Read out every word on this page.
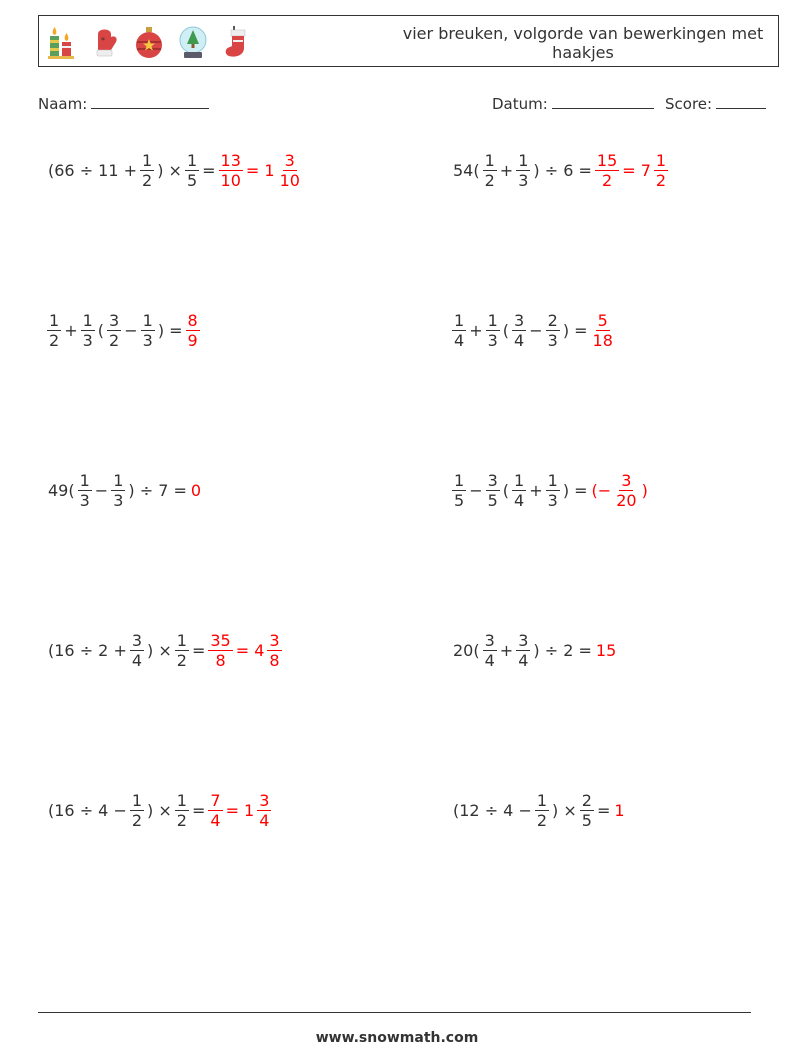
*	vier breuken, volgorde van bewerkingen met haakjes
Naam:	Datum:	Score:
($66 \div 11 + \frac{1}{2}$ ) × $\frac{1}{5} = \frac{13}{10} = 1 \frac{3}{10}$	$54( \frac{1}{2} + \frac{1}{3}$ ) ÷ $6 = \frac{15}{2} = 7 \frac{1}{2}$
$\frac{1}{2} + \frac{1}{3}$ ( $\frac{3}{2} - \frac{1}{3}$ ) = $\frac{8}{9}$	$\frac{1}{4} + \frac{1}{3}$ ( $\frac{3}{4} - \frac{2}{3}$ ) = $\frac{5}{18}$
$49( \frac{1}{3} - \frac{1}{3}$ ) ÷ 7 = 0	$\frac{1}{5} - \frac{3}{5}$ ( $\frac{1}{4} + \frac{1}{3}$ ) = (− $\frac{3}{20}$ )
($16 \div 2 + \frac{3}{4}$ ) × $\frac{1}{2} = \frac{35}{8} = 4 \frac{3}{8}$	$20( \frac{3}{4} + \frac{3}{4}$ ) ÷ 2 = 15
($16 \div 4 - \frac{1}{2}$ ) × $\frac{1}{2} = \frac{7}{4} = 1 \frac{3}{4}$	($12 \div 4 - \frac{1}{2}$ ) × $\frac{2}{5} = 1$
www.snowmath.com
